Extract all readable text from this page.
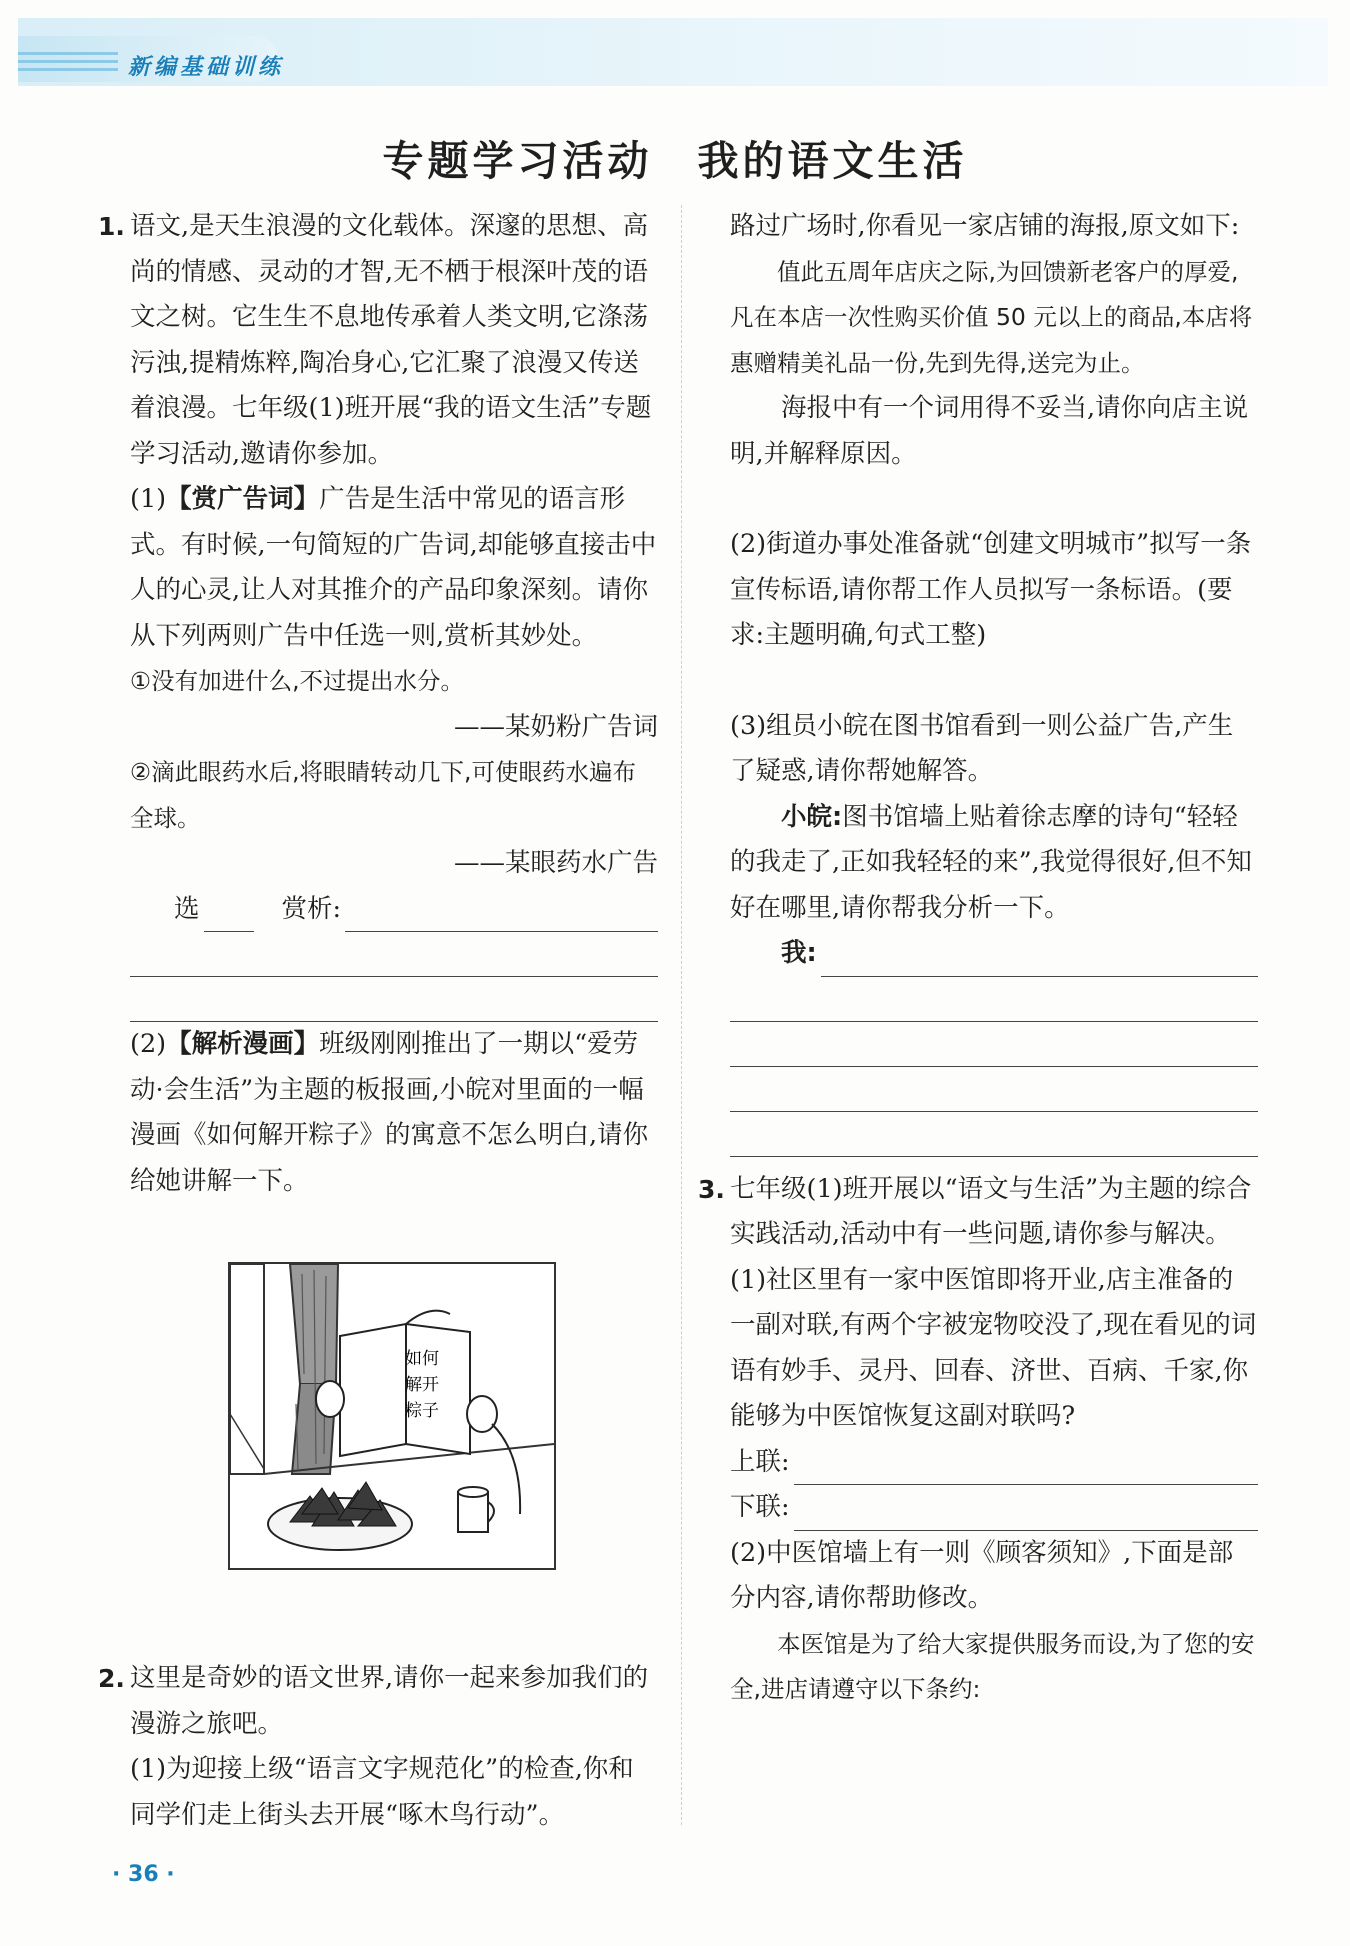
新编基础训练
专题学习活动　我的语文生活
1. 语文,是天生浪漫的文化载体。深邃的思想、高尚的情感、灵动的才智,无不栖于根深叶茂的语文之树。它生生不息地传承着人类文明,它涤荡污浊,提精炼粹,陶冶身心,它汇聚了浪漫又传送着浪漫。七年级(1)班开展“我的语文生活”专题学习活动,邀请你参加。

(1)【赏广告词】广告是生活中常见的语言形式。有时候,一句简短的广告词,却能够直接击中人的心灵,让人对其推介的产品印象深刻。请你从下列两则广告中任选一则,赏析其妙处。

①没有加进什么,不过提出水分。

——某奶粉广告词

②滴此眼药水后,将眼睛转动几下,可使眼药水遍布全球。

——某眼药水广告

选	赏析:

(2)【解析漫画】班级刚刚推出了一期以“爱劳动·会生活”为主题的板报画,小皖对里面的一幅漫画《如何解开粽子》的寓意不怎么明白,请你给她讲解一下。

如何
解开
粽子
2. 这里是奇妙的语文世界,请你一起来参加我们的漫游之旅吧。

(1)为迎接上级“语言文字规范化”的检查,你和同学们走上街头去开展“啄木鸟行动”。

路过广场时,你看见一家店铺的海报,原文如下:

值此五周年店庆之际,为回馈新老客户的厚爱,凡在本店一次性购买价值 50 元以上的商品,本店将惠赠精美礼品一份,先到先得,送完为止。

海报中有一个词用得不妥当,请你向店主说明,并解释原因。

(2)街道办事处准备就“创建文明城市”拟写一条宣传标语,请你帮工作人员拟写一条标语。(要求:主题明确,句式工整)

(3)组员小皖在图书馆看到一则公益广告,产生了疑惑,请你帮她解答。

小皖:图书馆墙上贴着徐志摩的诗句“轻轻的我走了,正如我轻轻的来”,我觉得很好,但不知好在哪里,请你帮我分析一下。

我:
3. 七年级(1)班开展以“语文与生活”为主题的综合实践活动,活动中有一些问题,请你参与解决。

(1)社区里有一家中医馆即将开业,店主准备的一副对联,有两个字被宠物咬没了,现在看见的词语有妙手、灵丹、回春、济世、百病、千家,你能够为中医馆恢复这副对联吗?

上联:
下联:

(2)中医馆墙上有一则《顾客须知》,下面是部分内容,请你帮助修改。

本医馆是为了给大家提供服务而设,为了您的安全,进店请遵守以下条约:

· 36 ·
